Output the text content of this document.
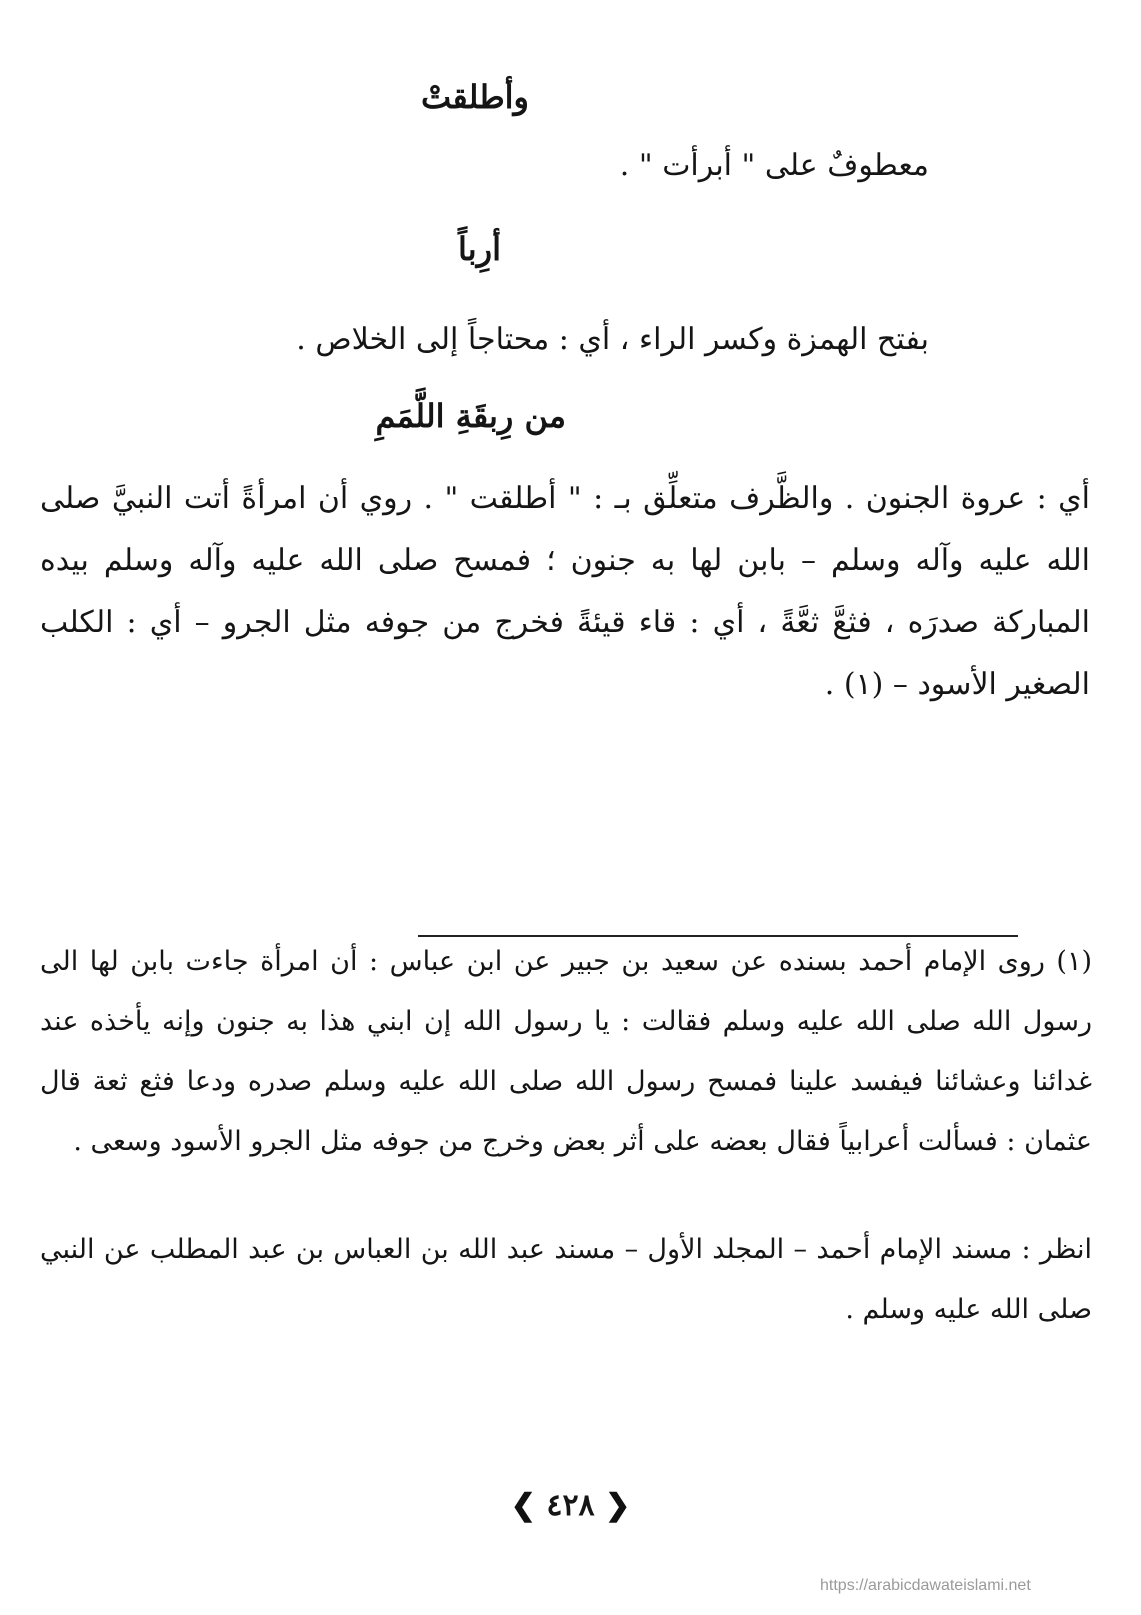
وأطلقتْ
معطوفٌ على " أبرأت " .
أرِباً
بفتح الهمزة وكسر الراء ، أي : محتاجاً إلى الخلاص .
من رِبقَةِ اللَّمَمِ
أي : عروة الجنون . والظَّرف متعلِّق بـ : " أطلقت " . روي أن امرأةً أتت النبيَّ صلى الله عليه وآله وسلم – بابن لها به جنون ؛ فمسح صلى الله عليه وآله وسلم بيده المباركة صدرَه ، فثعَّ ثعَّةً ، أي : قاء قيئةً فخرج من جوفه مثل الجرو – أي : الكلب الصغير الأسود – (١) .
(١) روى الإمام أحمد بسنده عن سعيد بن جبير عن ابن عباس : أن امرأة جاءت بابن لها الى رسول الله صلى الله عليه وسلم فقالت : يا رسول الله إن ابني هذا به جنون وإنه يأخذه عند غدائنا وعشائنا فيفسد علينا فمسح رسول الله صلى الله عليه وسلم صدره ودعا فثع ثعة قال عثمان : فسألت أعرابياً فقال بعضه على أثر بعض وخرج من جوفه مثل الجرو الأسود وسعى .
انظر : مسند الإمام أحمد – المجلد الأول – مسند عبد الله بن العباس بن عبد المطلب عن النبي صلى الله عليه وسلم .
❮ ٤٢٨ ❯
https://arabicdawateislami.net
